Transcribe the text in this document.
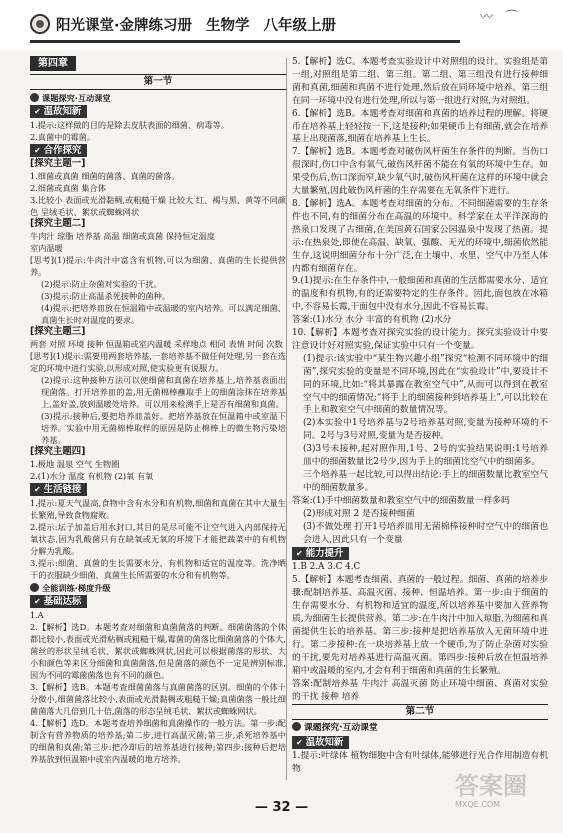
阳光课堂·金牌练习册 生物学 八年级上册
〰 ⌒
第四章
第一节
课题探究·互动课堂
✔ 温故知新

1.提示:这样做的目的是除去皮肤表面的细菌、病毒等。

2.真菌中的霉菌。

✔ 合作探究
[探究主题一]

1.细菌或真菌 细菌的菌落、真菌的菌落。

2.细菌或真菌 集合体

3.比较小 表面或光滑黏稠,或粗糙干燥 比较大 红、褐与黑、黄等不同颜色 呈绒毛状、絮状或蜘蛛网状

[探究主题二]

牛肉汁 琼脂 培养基 高温 细菌或真菌 保持恒定温度

室内温暖

[思考](1)提示:牛肉汁中富含有机物,可以为细菌、真菌的生长提供营养。

(2)提示:防止杂菌对实验的干扰。

(3)提示:防止高温杀死接种的菌种。

(4)提示:把培养皿放在恒温箱中或温暖的室内培养。可以满足细菌、真菌生长时对温度的要求。

[探究主题三]

两套 对照 环境 接种 恒温箱或室内温暖 采样地点 相同 表情 时间 次数

[思考](1)提示:需要用两套培养基,一套培养基不做任何处理,另一套在选定的环境中进行实验,以形成对照,使实验更有说服力。

(2)提示:这种接种方法可以使细菌和真菌在培养基上,培养基表面出现菌落。打开培养皿的盖,用无菌棉棒蘸取手上的细菌涂抹在培养基上,盖好盖,放到温暖处培养。可以用来检测手上是否有细菌和真菌。

(3)提示:接种后,要把培养皿盖好。把培养基放在恒温箱中或室温下培养。实验中用无菌棉棒取样的原因是防止棉棒上的微生物污染培养基。

[探究主题四]

1.极地 温泉 空气 生物圈

2.(1)水分 温度 有机物 (2)氧 有氧

✔ 生活链接

1.提示:夏天气温高,食物中含有水分和有机物,细菌和真菌在其中大量生长繁殖,导致食物腐败。

2.提示:坛子加盖后用水封口,其目的是尽可能不让空气进入内部保持无氧状态,因为乳酸菌只有在缺氧或无氧的环境下才能把蔬菜中的有机物分解为乳酸。

3.提示:细菌、真菌的生长需要水分、有机物和适宜的温度等。洗净晒干的衣服缺少细菌、真菌生长所需要的水分和有机物等。

全能训练·梯度升级
✔ 基础达标

1.A

2.【解析】选D。本题考查对细菌和真菌菌落的判断。细菌菌落的个体都比较小,表面或光滑粘稠或粗糙干燥,霉菌的菌落比细菌菌落的个体大,菌丝的形状呈绒毛状、絮状或蜘蛛网状,因此可以根据菌落的形状、大小和颜色等来区分细菌和真菌菌落,但是菌落的颜色不一定是辨别标准,因为不同的霉菌菌落也有不同的颜色。

3.【解析】选B。本题考查细菌菌落与真菌菌落的区别。细菌的个体十分微小,细菌菌落比较小,表面或光滑黏稠或粗糙干燥;真菌菌落一般比细菌菌落大几倍到几十倍,菌落的形态呈绒毛状、絮状或蜘蛛网状。

4.【解析】选D。本题考查培养细菌和真菌操作的一般方法。第一步:配制含有营养物质的培养基;第二步,进行高温灭菌;第三步,杀死培养基中的细菌和真菌;第三步:把冷却后的培养基进行接种;第四步:接种后把培养基放到恒温箱中或室内温暖的地方培养。

5.【解析】选C。本题考查实验设计中对照组的设计。实验组是第一组,对照组是第二组、第三组。第二组、第三组没有进行接种细菌和真菌,细菌和真菌不进行处理,然后放在同环境中培养。第三组在同一环境中没有进行处理,所以与第一组进行对照,为对照组。

6.【解析】选B。本题考查对细菌和真菌的培养过程的理解。将硬币在培养基上轻轻按一下,这是接种;如果硬币上有细菌,就会在培养基上出现菌落,细菌在培养基上生长。

7.【解析】选B。本题考查对破伤风杆菌生存条件的判断。当伤口很深时,伤口中含有氧气,破伤风杆菌不能在有氧的环境中生存。如果受伤后,伤口深而窄,缺少氧气时,破伤风杆菌在这样的环境中就会大量繁殖,因此破伤风杆菌的生存需要在无氧条件下进行。

8.【解析】选A。本题考查对细菌的分布。不同细菌需要的生存条件也不同,有的细菌分布在高温的环境中。科学家在太平洋深海的热泉口发现了古细菌,在美国黄石国家公园温泉中发现了热菌。提示:在热泉处,即使在高温、缺氧、强酸、无光的环境中,细菌依然能生存,这说明细菌分布十分广泛,在土壤中、水里、空气中乃至人体内都有细菌存在。

9.(1)提示:在生存条件中,一般细菌和真菌的生活都需要水分、适宜的温度和有机物,有的还需要特定的生存条件。因此,面包放在冰箱中,不容易长霉,干面包中没有水分,因此不容易长霉。

答案:(1)水分 水分 丰富的有机物 (2)水分

10.【解析】本题考查对探究实验的设计能力。探究实验设计中要注意设计好对照实验,保证实验中只有一个变量。

(1)提示:该实验中“某生物兴趣小组”探究“检测不同环境中的细菌”,探究实验的变量是不同环境,因此在“实验设计”中,要设计不同的环境,比如:“将其暴露在教室空气中”,从而可以得到在教室空气中的细菌情况;“将手上的细菌接种到培养基上”,可以比较在手上和教室空气中细菌的数量情况等。

(2)本实验中1号培养基与2号培养基对照,变量为接种环境的不同。2号与3号对照,变量为是否接种。

(3)3号未接种,起对照作用,1号、2号的实验结果说明:1号培养皿中的细菌数量比2号少,因为手上的细菌比空气中的细菌多。

三个培养基一起比较,可以得出结论:手上的细菌数量比教室空气中的细菌数量多。

答案:(1)手中细菌数量和教室空气中的细菌数量一样多吗

(2)形成对照 2 是否接种细菌

(3)不做处理 打开1号培养皿用无菌棉棒接种时空气中的细菌也会进入,因此只有一个变量

✔ 能力提升

1.B 2.A 3.C 4.C

5.【解析】本题考查细菌、真菌的一般过程。细菌、真菌的培养步骤:配制培养基、高温灭菌、接种、恒温培养。第一步:由于细菌的生存需要水分、有机物和适宜的温度,所以培养基中要加入营养物质,为细菌生长提供营养。第二步:在牛肉汁中加入琼脂,为细菌和真菌提供生长的培养基。第三步:接种是把培养基放入无菌环境中进行。第二步接种:在一块培养基上放一个硬币,为了防止杂菌对实验的干扰,要先对培养基进行高温灭菌。第四步:接种后放在恒温培养箱中或温暖的室内,才会有利于细菌和真菌的生长繁殖。

答案:配制培养基 牛肉汁 高温灭菌 防止环境中细菌、真菌对实验的干扰 接种 培养

第二节
课题探究·互动课堂
✔ 温故知新

1.提示:叶绿体 植物细胞中含有叶绿体,能够进行光合作用制造有机物

— 32 —
答案圈
MXQE.COM
